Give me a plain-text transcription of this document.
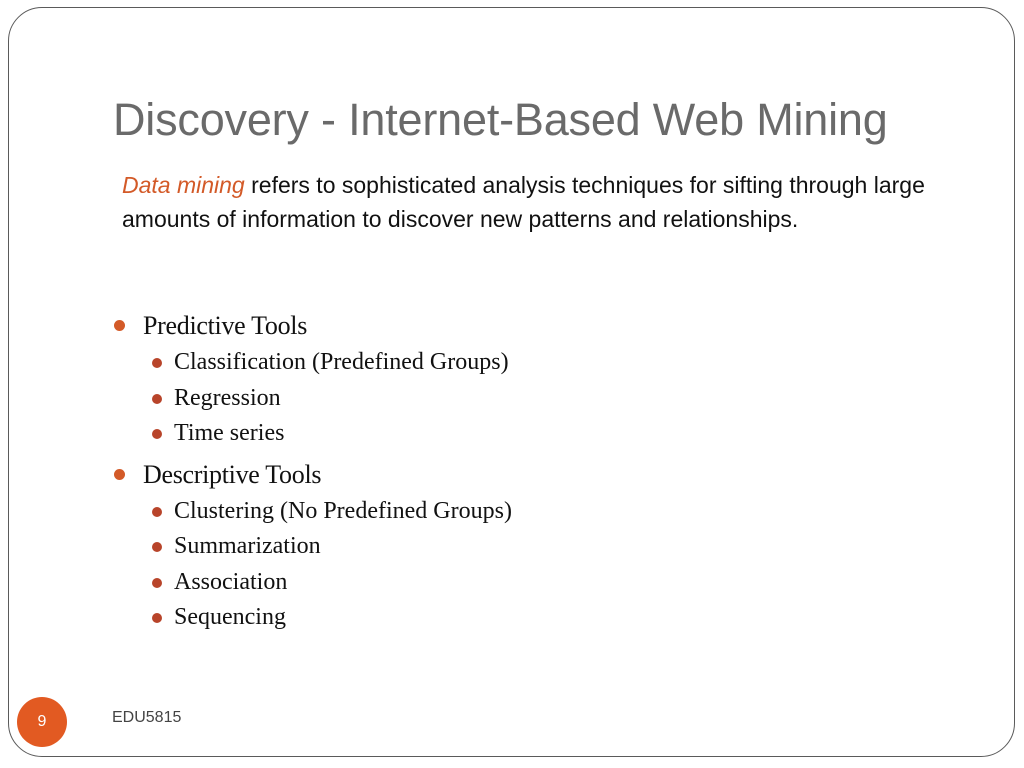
Discovery - Internet-Based Web Mining

Data mining refers to sophisticated analysis techniques for sifting through large amounts of information to discover new patterns and relationships.

Predictive Tools
Classification (Predefined Groups)
Regression
Time series
Descriptive Tools
Clustering (No Predefined Groups)
Summarization
Association
Sequencing
9	EDU5815
